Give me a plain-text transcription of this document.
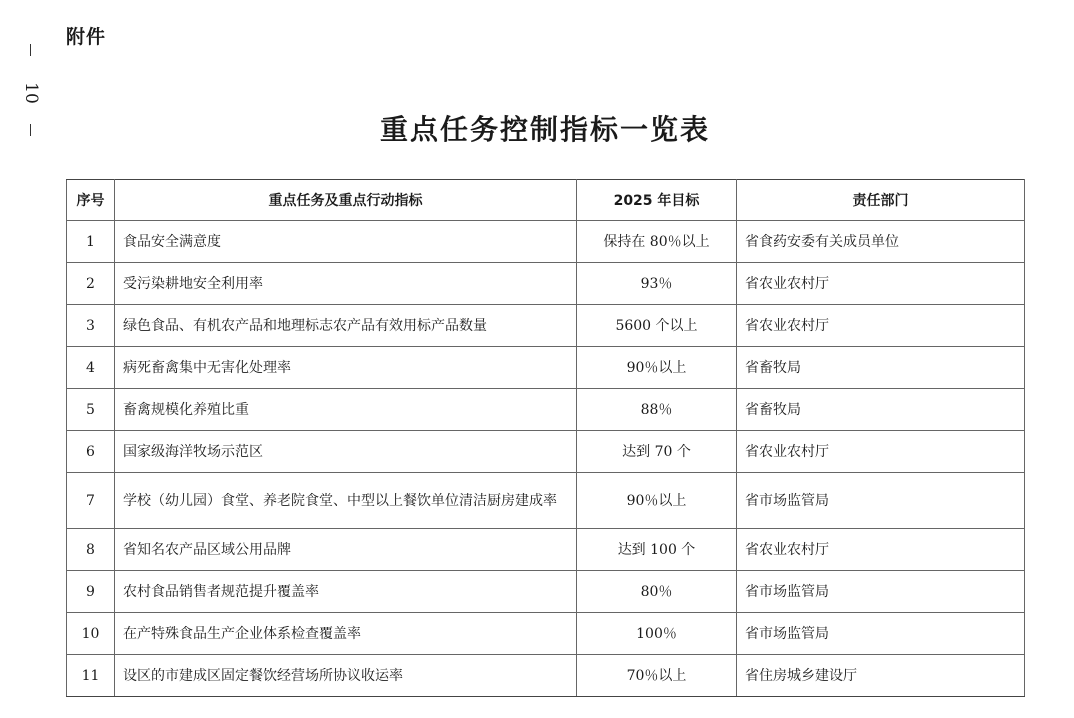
附件
10
重点任务控制指标一览表
序号	重点任务及重点行动指标	2025 年目标	责任部门
1	食品安全满意度	保持在 80％以上	省食药安委有关成员单位
2	受污染耕地安全利用率	93％	省农业农村厅
3	绿色食品、有机农产品和地理标志农产品有效用标产品数量	5600 个以上	省农业农村厅
4	病死畜禽集中无害化处理率	90％以上	省畜牧局
5	畜禽规模化养殖比重	88％	省畜牧局
6	国家级海洋牧场示范区	达到 70 个	省农业农村厅
7	学校（幼儿园）食堂、养老院食堂、中型以上餐饮单位清洁厨房建成率	90％以上	省市场监管局
8	省知名农产品区域公用品牌	达到 100 个	省农业农村厅
9	农村食品销售者规范提升覆盖率	80％	省市场监管局
10	在产特殊食品生产企业体系检查覆盖率	100％	省市场监管局
11	设区的市建成区固定餐饮经营场所协议收运率	70％以上	省住房城乡建设厅
